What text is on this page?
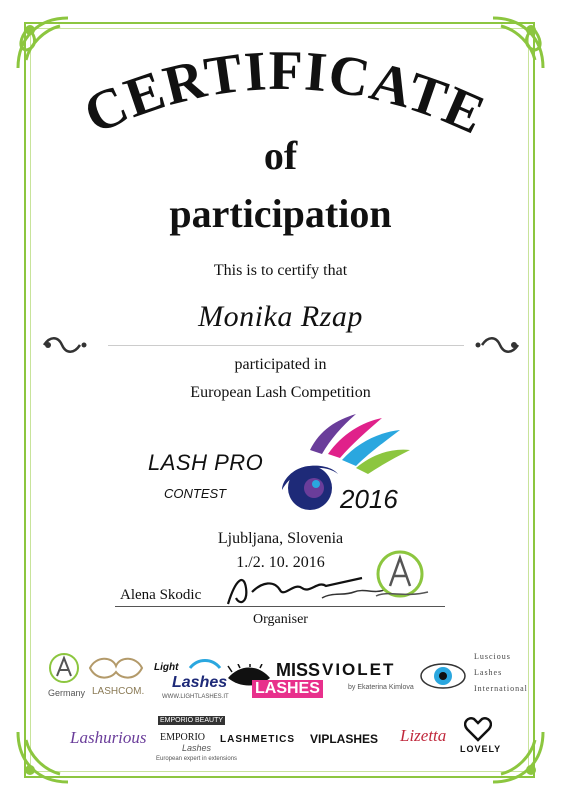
CERTIFICATE
of
participation
This is to certify that
Monika Rzap
participated in
European Lash Competition
LASH PRO
CONTEST	2016
Ljubljana, Slovenia
1./2. 10. 2016
Alena Skodic
Organiser
Germany LASHCOM.
Light
Lashes
WWW.LIGHTLASHES.IT
MISS
LASHES
VIOLET
by Ekaterina Kimlova
Luscious
Lashes
International
Lashurious
EMPORIO BEAUTY
EMPORIO
Lashes
European expert in extensions
LASHMETICS VIPLASHES Lizetta
LOVELY
